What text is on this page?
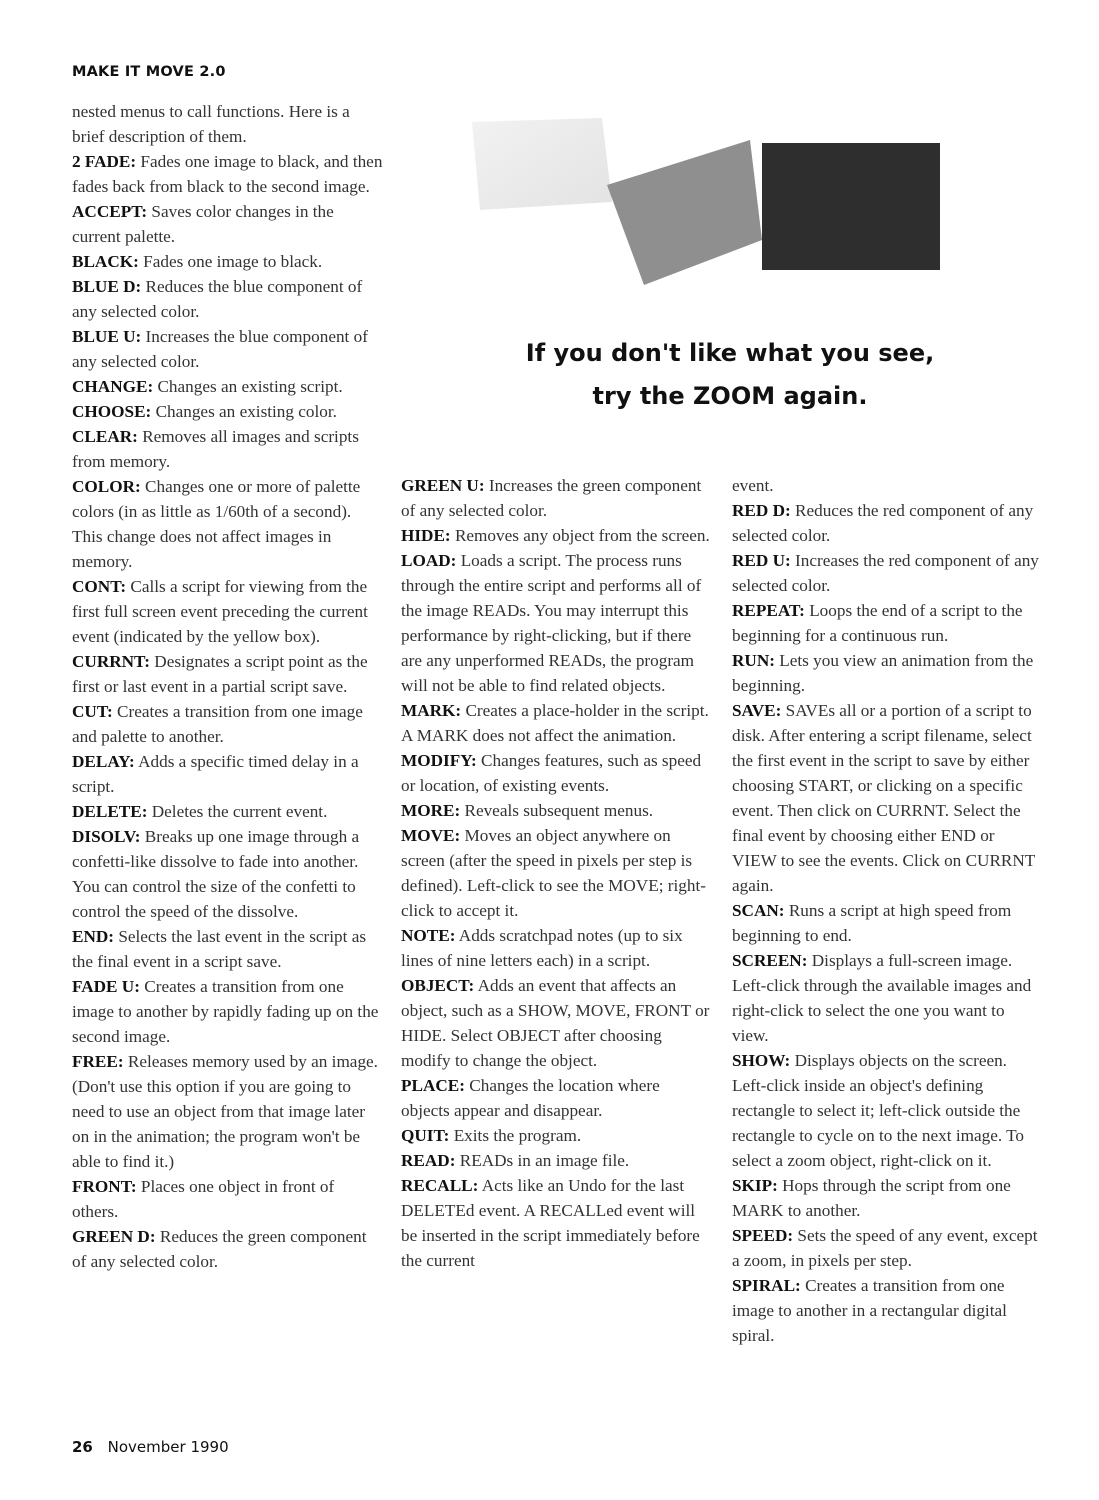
MAKE IT MOVE 2.0

nested menus to call functions. Here is a brief description of them.

2 FADE: Fades one image to black, and then fades back from black to the second image.

ACCEPT: Saves color changes in the current palette.

BLACK: Fades one image to black.

BLUE D: Reduces the blue component of any selected color.

BLUE U: Increases the blue component of any selected color.

CHANGE: Changes an existing script.

CHOOSE: Changes an existing color.

CLEAR: Removes all images and scripts from memory.

COLOR: Changes one or more of palette colors (in as little as 1/60th of a second). This change does not affect images in memory.

CONT: Calls a script for viewing from the first full screen event preceding the current event (indicated by the yellow box).

CURRNT: Designates a script point as the first or last event in a partial script save.

CUT: Creates a transition from one image and palette to another.

DELAY: Adds a specific timed delay in a script.

DELETE: Deletes the current event.

DISOLV: Breaks up one image through a confetti-like dissolve to fade into another. You can control the size of the confetti to control the speed of the dissolve.

END: Selects the last event in the script as the final event in a script save.

FADE U: Creates a transition from one image to another by rapidly fading up on the second image.

FREE: Releases memory used by an image. (Don't use this option if you are going to need to use an object from that image later on in the animation; the program won't be able to find it.)

FRONT: Places one object in front of others.

GREEN D: Reduces the green component of any selected color.

If you don't like what you see,
try the ZOOM again.

GREEN U: Increases the green component of any selected color.

HIDE: Removes any object from the screen.

LOAD: Loads a script. The process runs through the entire script and performs all of the image READs. You may interrupt this performance by right-clicking, but if there are any unperformed READs, the program will not be able to find related objects.

MARK: Creates a place-holder in the script. A MARK does not affect the animation.

MODIFY: Changes features, such as speed or location, of existing events.

MORE: Reveals subsequent menus.

MOVE: Moves an object anywhere on screen (after the speed in pixels per step is defined). Left-click to see the MOVE; right-click to accept it.

NOTE: Adds scratchpad notes (up to six lines of nine letters each) in a script.

OBJECT: Adds an event that affects an object, such as a SHOW, MOVE, FRONT or HIDE. Select OBJECT after choosing modify to change the object.

PLACE: Changes the location where objects appear and disappear.

QUIT: Exits the program.

READ: READs in an image file.

RECALL: Acts like an Undo for the last DELETEd event. A RECALLed event will be inserted in the script immediately before the current

event.

RED D: Reduces the red component of any selected color.

RED U: Increases the red component of any selected color.

REPEAT: Loops the end of a script to the beginning for a continuous run.

RUN: Lets you view an animation from the beginning.

SAVE: SAVEs all or a portion of a script to disk. After entering a script filename, select the first event in the script to save by either choosing START, or clicking on a specific event. Then click on CURRNT. Select the final event by choosing either END or VIEW to see the events. Click on CURRNT again.

SCAN: Runs a script at high speed from beginning to end.

SCREEN: Displays a full-screen image. Left-click through the available images and right-click to select the one you want to view.

SHOW: Displays objects on the screen. Left-click inside an object's defining rectangle to select it; left-click outside the rectangle to cycle on to the next image. To select a zoom object, right-click on it.

SKIP: Hops through the script from one MARK to another.

SPEED: Sets the speed of any event, except a zoom, in pixels per step.

SPIRAL: Creates a transition from one image to another in a rectangular digital spiral.

26 November 1990
